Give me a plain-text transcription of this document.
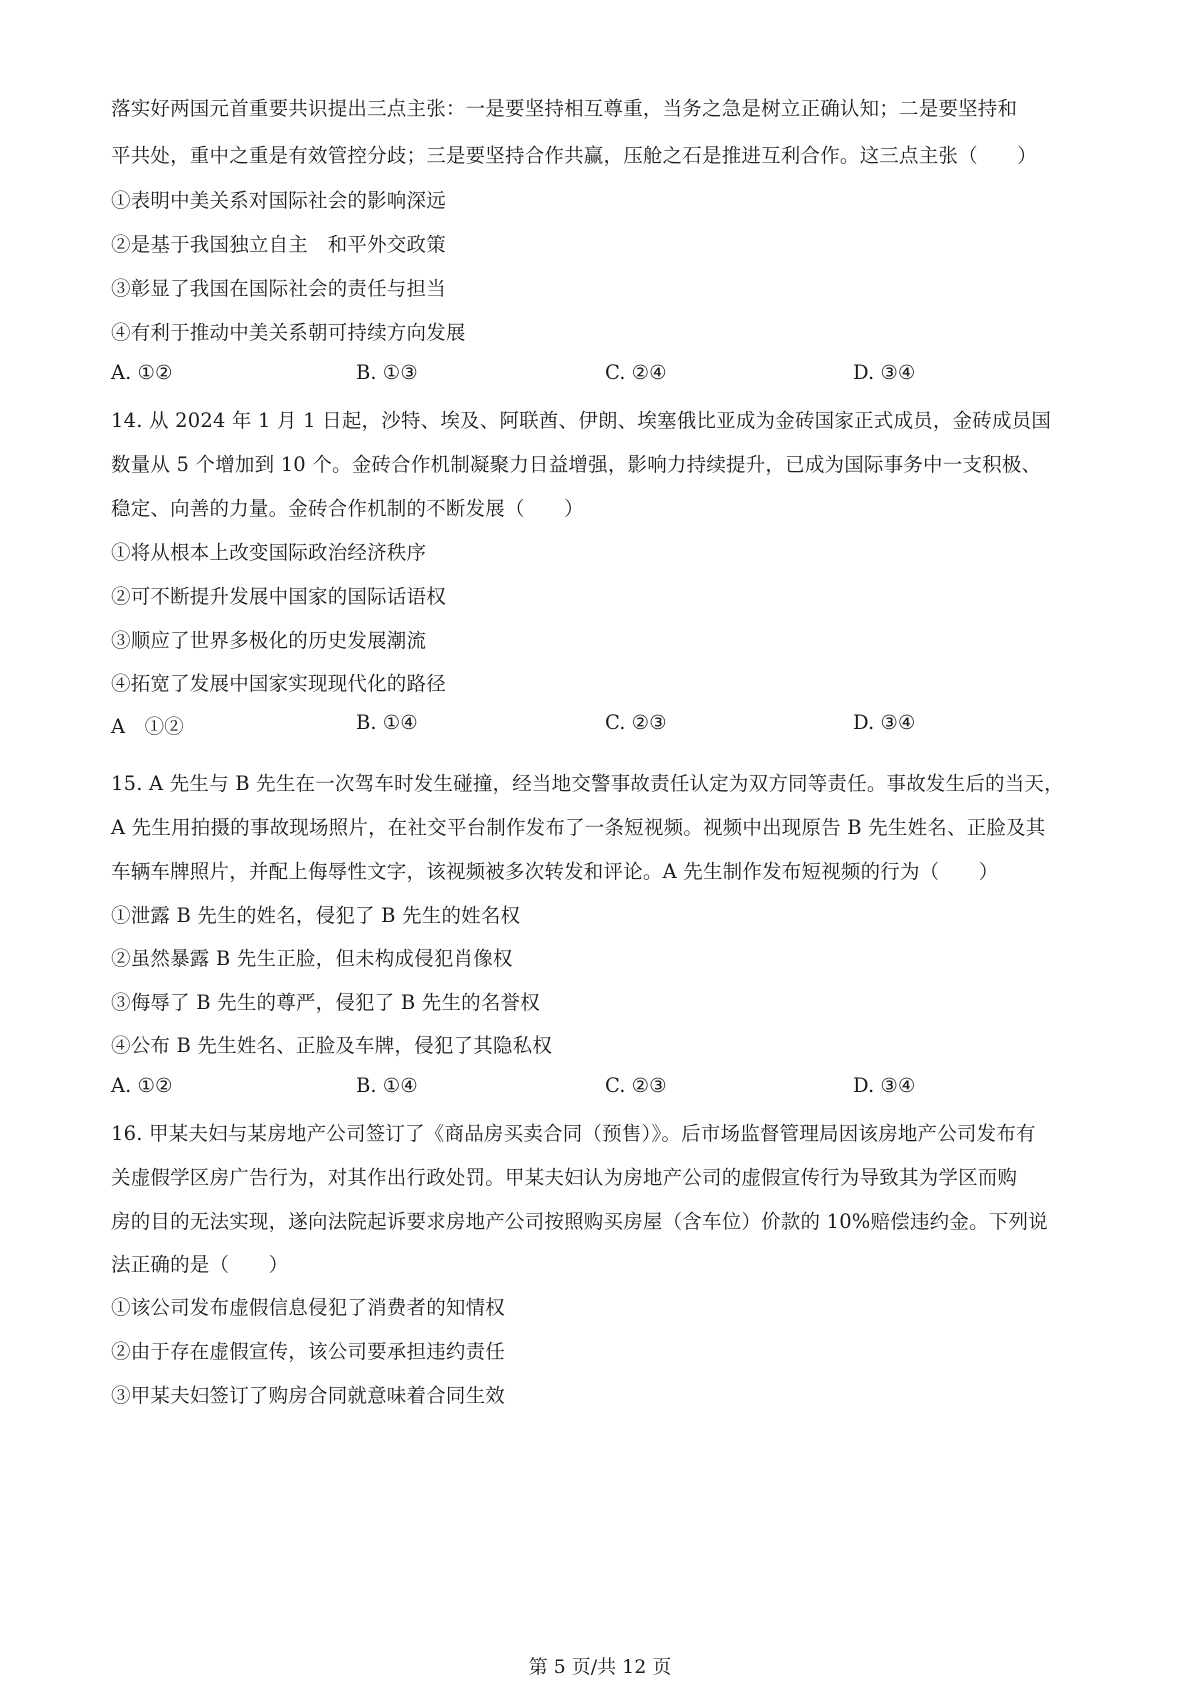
落实好两国元首重要共识提出三点主张：一是要坚持相互尊重，当务之急是树立正确认知；二是要坚持和
平共处，重中之重是有效管控分歧；三是要坚持合作共赢，压舱之石是推进互利合作。这三点主张（　　）
①表明中美关系对国际社会的影响深远
②是基于我国独立自主　和平外交政策
③彰显了我国在国际社会的责任与担当
④有利于推动中美关系朝可持续方向发展
A. ①②	B. ①③	C. ②④	D. ③④
14. 从 2024 年 1 月 1 日起，沙特、埃及、阿联酋、伊朗、埃塞俄比亚成为金砖国家正式成员，金砖成员国
数量从 5 个增加到 10 个。金砖合作机制凝聚力日益增强，影响力持续提升，已成为国际事务中一支积极、
稳定、向善的力量。金砖合作机制的不断发展（　　）
①将从根本上改变国际政治经济秩序
②可不断提升发展中国家的国际话语权
③顺应了世界多极化的历史发展潮流
④拓宽了发展中国家实现现代化的路径
A　①②	B. ①④	C. ②③	D. ③④
15. A 先生与 B 先生在一次驾车时发生碰撞，经当地交警事故责任认定为双方同等责任。事故发生后的当天，
A 先生用拍摄的事故现场照片，在社交平台制作发布了一条短视频。视频中出现原告 B 先生姓名、正脸及其
车辆车牌照片，并配上侮辱性文字，该视频被多次转发和评论。A 先生制作发布短视频的行为（　　）
①泄露 B 先生的姓名，侵犯了 B 先生的姓名权
②虽然暴露 B 先生正脸，但未构成侵犯肖像权
③侮辱了 B 先生的尊严，侵犯了 B 先生的名誉权
④公布 B 先生姓名、正脸及车牌，侵犯了其隐私权
A. ①②	B. ①④	C. ②③	D. ③④
16. 甲某夫妇与某房地产公司签订了《商品房买卖合同（预售）》。后市场监督管理局因该房地产公司发布有
关虚假学区房广告行为，对其作出行政处罚。甲某夫妇认为房地产公司的虚假宣传行为导致其为学区而购
房的目的无法实现，遂向法院起诉要求房地产公司按照购买房屋（含车位）价款的 10%赔偿违约金。下列说
法正确的是（　　）
①该公司发布虚假信息侵犯了消费者的知情权
②由于存在虚假宣传，该公司要承担违约责任
③甲某夫妇签订了购房合同就意味着合同生效
第 5 页/共 12 页
